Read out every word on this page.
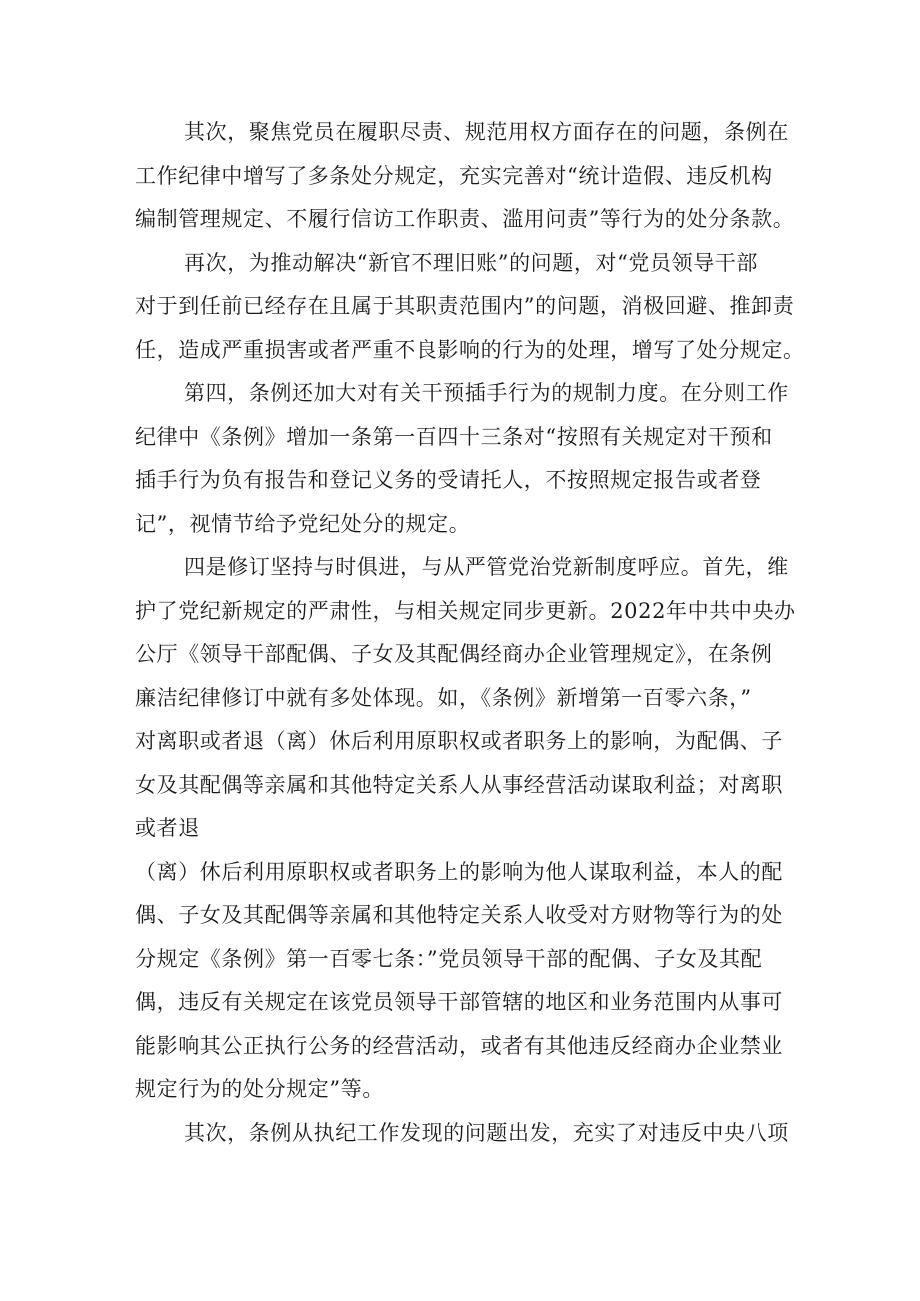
其次，聚焦党员在履职尽责、规范用权方面存在的问题，条例在
工作纪律中增写了多条处分规定，充实完善对“统计造假、违反机构
编制管理规定、不履行信访工作职责、滥用问责”等行为的处分条款。
再次，为推动解决“新官不理旧账”的问题，对“党员领导干部
对于到任前已经存在且属于其职责范围内”的问题，消极回避、推卸责
任，造成严重损害或者严重不良影响的行为的处理，增写了处分规定。
第四，条例还加大对有关干预插手行为的规制力度。在分则工作
纪律中《条例》增加一条第一百四十三条对“按照有关规定对干预和
插手行为负有报告和登记义务的受请托人，不按照规定报告或者登
记”，视情节给予党纪处分的规定。
四是修订坚持与时俱进，与从严管党治党新制度呼应。首先，维
护了党纪新规定的严肃性，与相关规定同步更新。2022年中共中央办
公厅《领导干部配偶、子女及其配偶经商办企业管理规定》，在条例
廉洁纪律修订中就有多处体现。如，《条例》新增第一百零六条，”
对离职或者退（离）休后利用原职权或者职务上的影响，为配偶、子
女及其配偶等亲属和其他特定关系人从事经营活动谋取利益；对离职
或者退
（离）休后利用原职权或者职务上的影响为他人谋取利益，本人的配
偶、子女及其配偶等亲属和其他特定关系人收受对方财物等行为的处
分规定《条例》第一百零七条：”党员领导干部的配偶、子女及其配
偶，违反有关规定在该党员领导干部管辖的地区和业务范围内从事可
能影响其公正执行公务的经营活动，或者有其他违反经商办企业禁业
规定行为的处分规定”等。
其次，条例从执纪工作发现的问题出发，充实了对违反中央八项
